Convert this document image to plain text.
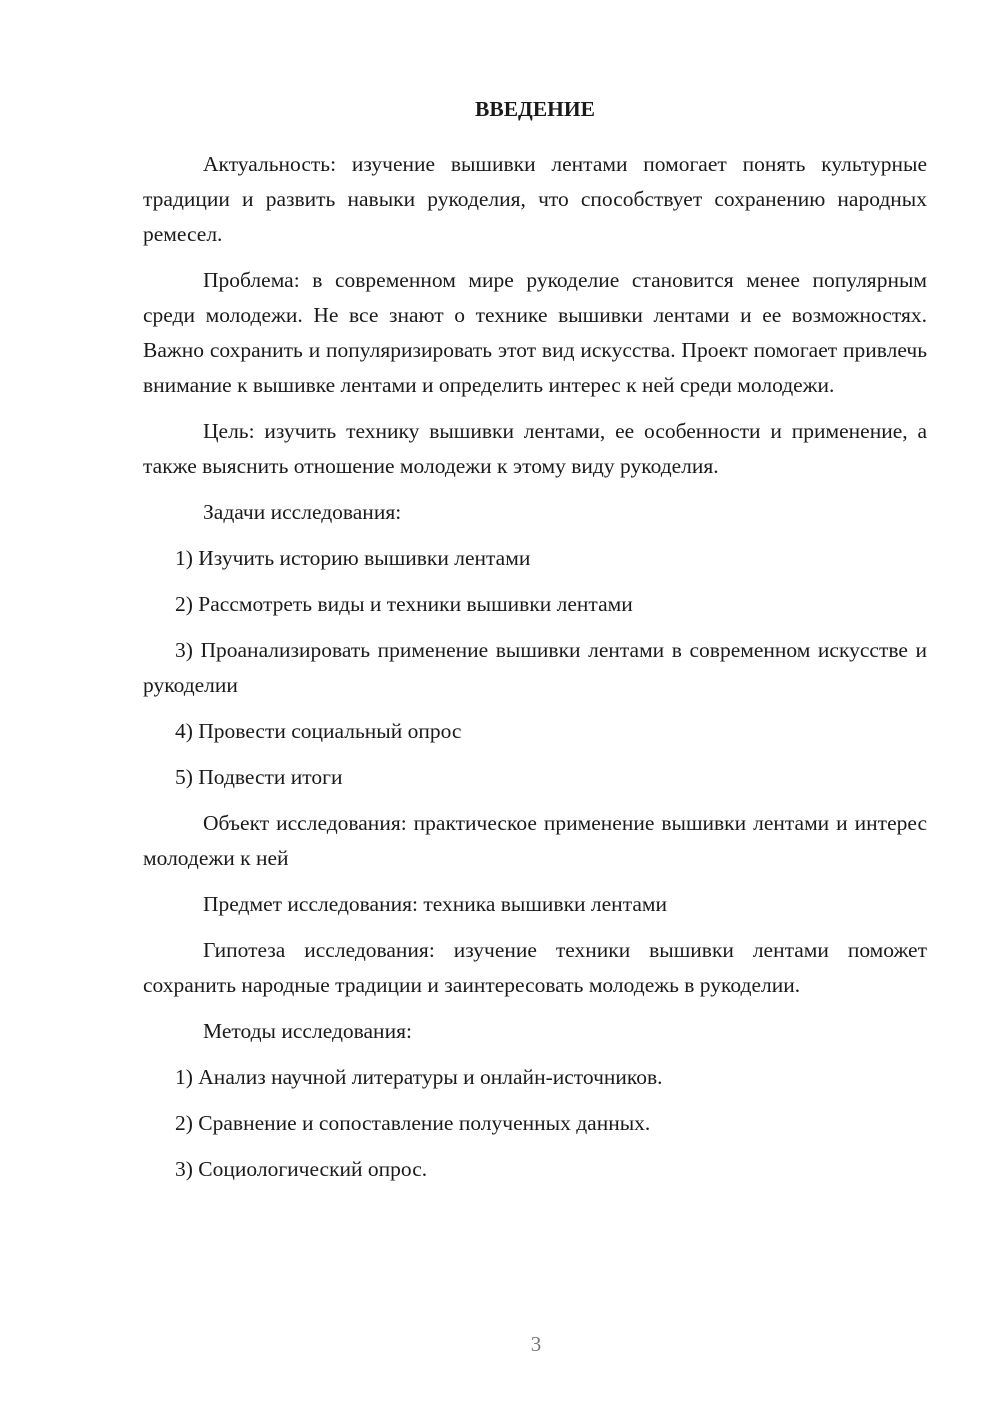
ВВЕДЕНИЕ

Актуальность: изучение вышивки лентами помогает понять культурные традиции и развить навыки рукоделия, что способствует сохранению народных ремесел.

Проблема: в современном мире рукоделие становится менее популярным среди молодежи. Не все знают о технике вышивки лентами и ее возможностях. Важно сохранить и популяризировать этот вид искусства. Проект помогает привлечь внимание к вышивке лентами и определить интерес к ней среди молодежи.

Цель: изучить технику вышивки лентами, ее особенности и применение, а также выяснить отношение молодежи к этому виду рукоделия.

Задачи исследования:

1) Изучить историю вышивки лентами

2) Рассмотреть виды и техники вышивки лентами

3) Проанализировать применение вышивки лентами в современном искусстве и рукоделии

4) Провести социальный опрос

5) Подвести итоги

Объект исследования: практическое применение вышивки лентами и интерес молодежи к ней

Предмет исследования: техника вышивки лентами

Гипотеза исследования: изучение техники вышивки лентами поможет сохранить народные традиции и заинтересовать молодежь в рукоделии.

Методы исследования:

1) Анализ научной литературы и онлайн-источников.

2) Сравнение и сопоставление полученных данных.

3) Социологический опрос.

3
